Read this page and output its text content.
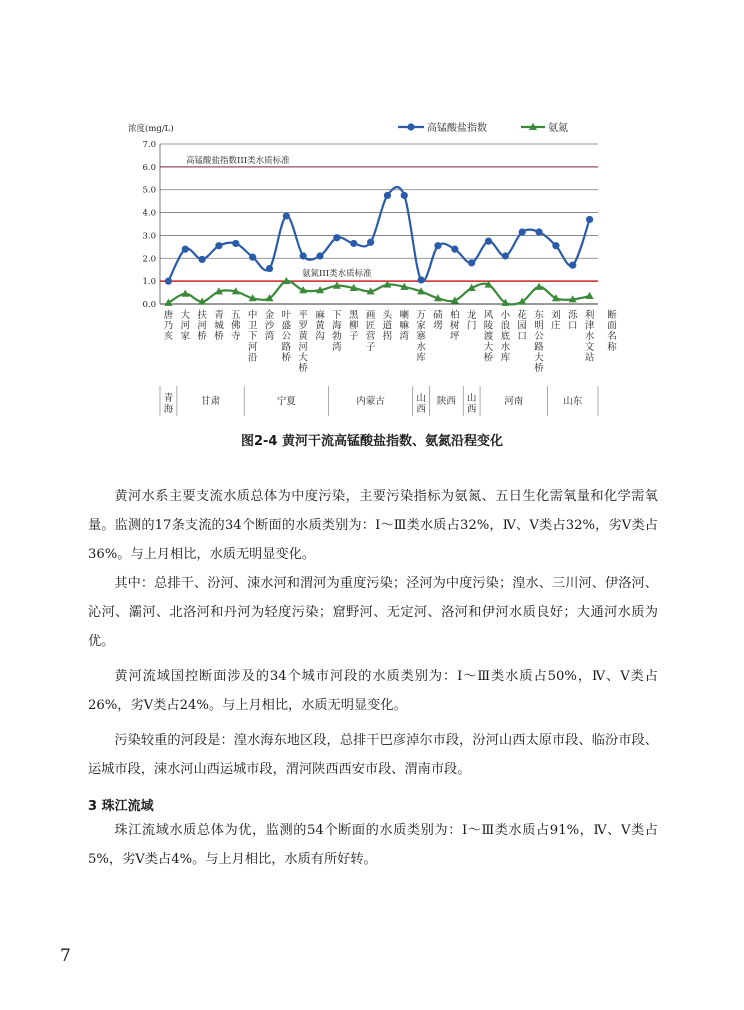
浓度(mg/L)
0.0
1.0
2.0
3.0
4.0
5.0
6.0
7.0
高锰酸盐指数III类水质标准
氨氮III类水质标准
高锰酸盐指数	氨氮
唐乃亥
大河家
扶河桥
青城桥
五佛寺
中卫下河沿
金沙湾
叶盛公路桥
平罗黄河大桥
麻黄沟
下海勃湾
黑柳子
画匠营子
头道拐
喇嘛湾
万家寨水库
碛塄
柏树坪
龙门
风陵渡大桥
小浪底水库
花园口
东明公路大桥
刘庄
泺口
利津水文站
断面名称
青海
甘肃	宁夏	内蒙古	山西
陕西 山西
河南	山东
图2-4 黄河干流高锰酸盐指数、氨氮沿程变化

黄河水系主要支流水质总体为中度污染，主要污染指标为氨氮、五日生化需氧量和化学需氧量。监测的17条支流的34个断面的水质类别为：Ⅰ～Ⅲ类水质占32%，Ⅳ、Ⅴ类占32%，劣Ⅴ类占36%。与上月相比，水质无明显变化。

其中：总排干、汾河、涑水河和渭河为重度污染；泾河为中度污染；湟水、三川河、伊洛河、沁河、灞河、北洛河和丹河为轻度污染；窟野河、无定河、洛河和伊河水质良好；大通河水质为优。

黄河流域国控断面涉及的34个城市河段的水质类别为：Ⅰ～Ⅲ类水质占50%，Ⅳ、Ⅴ类占26%，劣Ⅴ类占24%。与上月相比，水质无明显变化。

污染较重的河段是：湟水海东地区段，总排干巴彦淖尔市段，汾河山西太原市段、临汾市段、运城市段，涑水河山西运城市段，渭河陕西西安市段、渭南市段。

3 珠江流域

珠江流域水质总体为优，监测的54个断面的水质类别为：Ⅰ～Ⅲ类水质占91%，Ⅳ、Ⅴ类占5%，劣Ⅴ类占4%。与上月相比，水质有所好转。

7
